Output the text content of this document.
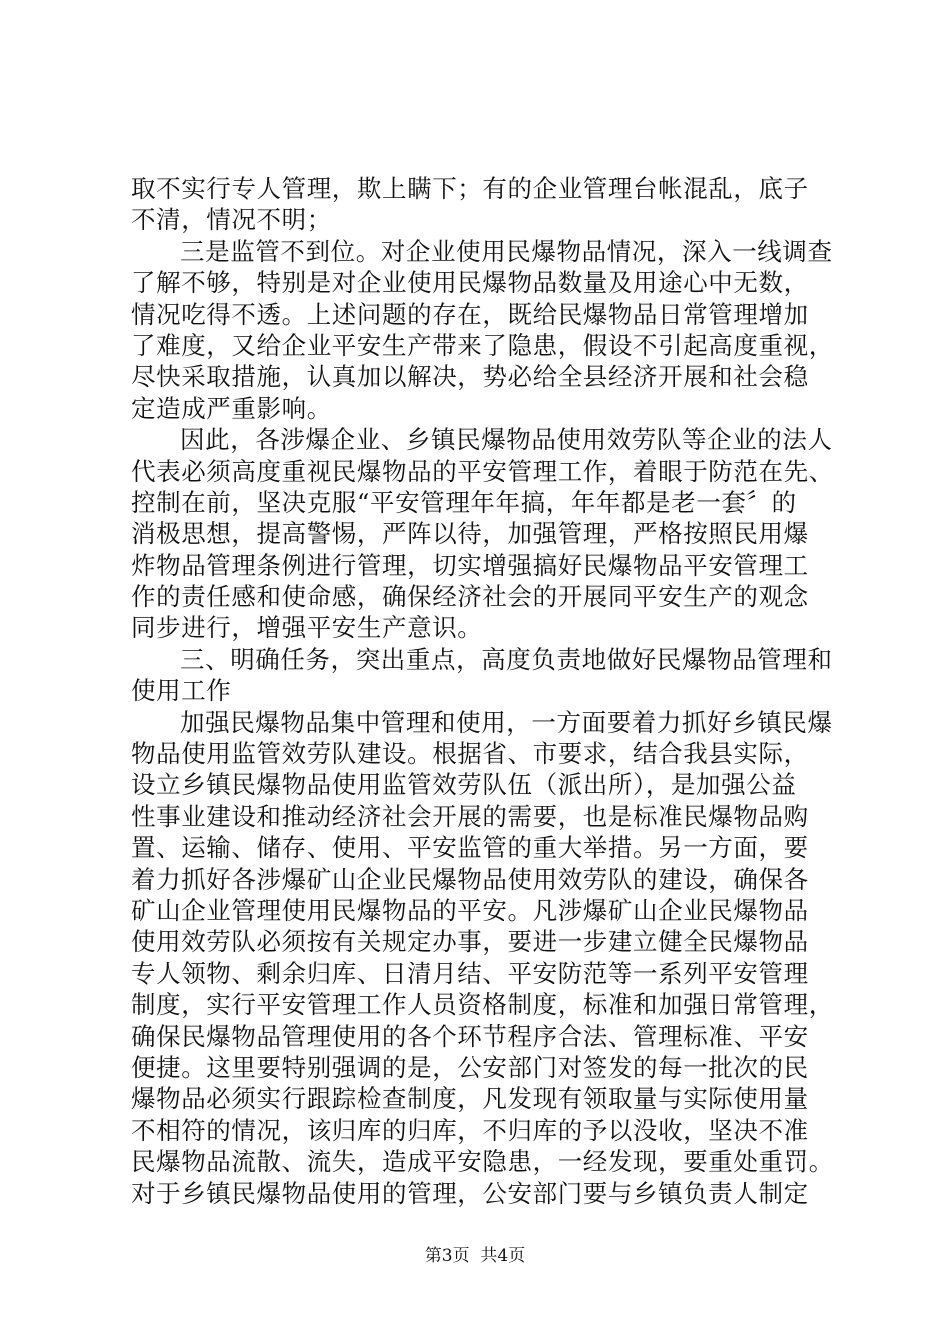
取不实行专人管理，欺上瞒下；有的企业管理台帐混乱，底子
不清，情况不明；
三是监管不到位。对企业使用民爆物品情况，深入一线调查
了解不够，特别是对企业使用民爆物品数量及用途心中无数，
情况吃得不透。上述问题的存在，既给民爆物品日常管理增加
了难度，又给企业平安生产带来了隐患，假设不引起高度重视，
尽快采取措施，认真加以解决，势必给全县经济开展和社会稳
定造成严重影响。
因此，各涉爆企业、乡镇民爆物品使用效劳队等企业的法人
代表必须高度重视民爆物品的平安管理工作，着眼于防范在先、
控制在前，坚决克服“平安管理年年搞，年年都是老一套〞的
消极思想，提高警惕，严阵以待，加强管理，严格按照民用爆
炸物品管理条例进行管理，切实增强搞好民爆物品平安管理工
作的责任感和使命感，确保经济社会的开展同平安生产的观念
同步进行，增强平安生产意识。
三、明确任务，突出重点，高度负责地做好民爆物品管理和
使用工作
加强民爆物品集中管理和使用，一方面要着力抓好乡镇民爆
物品使用监管效劳队建设。根据省、市要求，结合我县实际，
设立乡镇民爆物品使用监管效劳队伍（派出所），是加强公益
性事业建设和推动经济社会开展的需要，也是标准民爆物品购
置、运输、储存、使用、平安监管的重大举措。另一方面，要
着力抓好各涉爆矿山企业民爆物品使用效劳队的建设，确保各
矿山企业管理使用民爆物品的平安。凡涉爆矿山企业民爆物品
使用效劳队必须按有关规定办事，要进一步建立健全民爆物品
专人领物、剩余归库、日清月结、平安防范等一系列平安管理
制度，实行平安管理工作人员资格制度，标准和加强日常管理，
确保民爆物品管理使用的各个环节程序合法、管理标准、平安
便捷。这里要特别强调的是，公安部门对签发的每一批次的民
爆物品必须实行跟踪检查制度，凡发现有领取量与实际使用量
不相符的情况，该归库的归库，不归库的予以没收，坚决不准
民爆物品流散、流失，造成平安隐患，一经发现，要重处重罚。
对于乡镇民爆物品使用的管理，公安部门要与乡镇负责人制定
第3页  共4页
